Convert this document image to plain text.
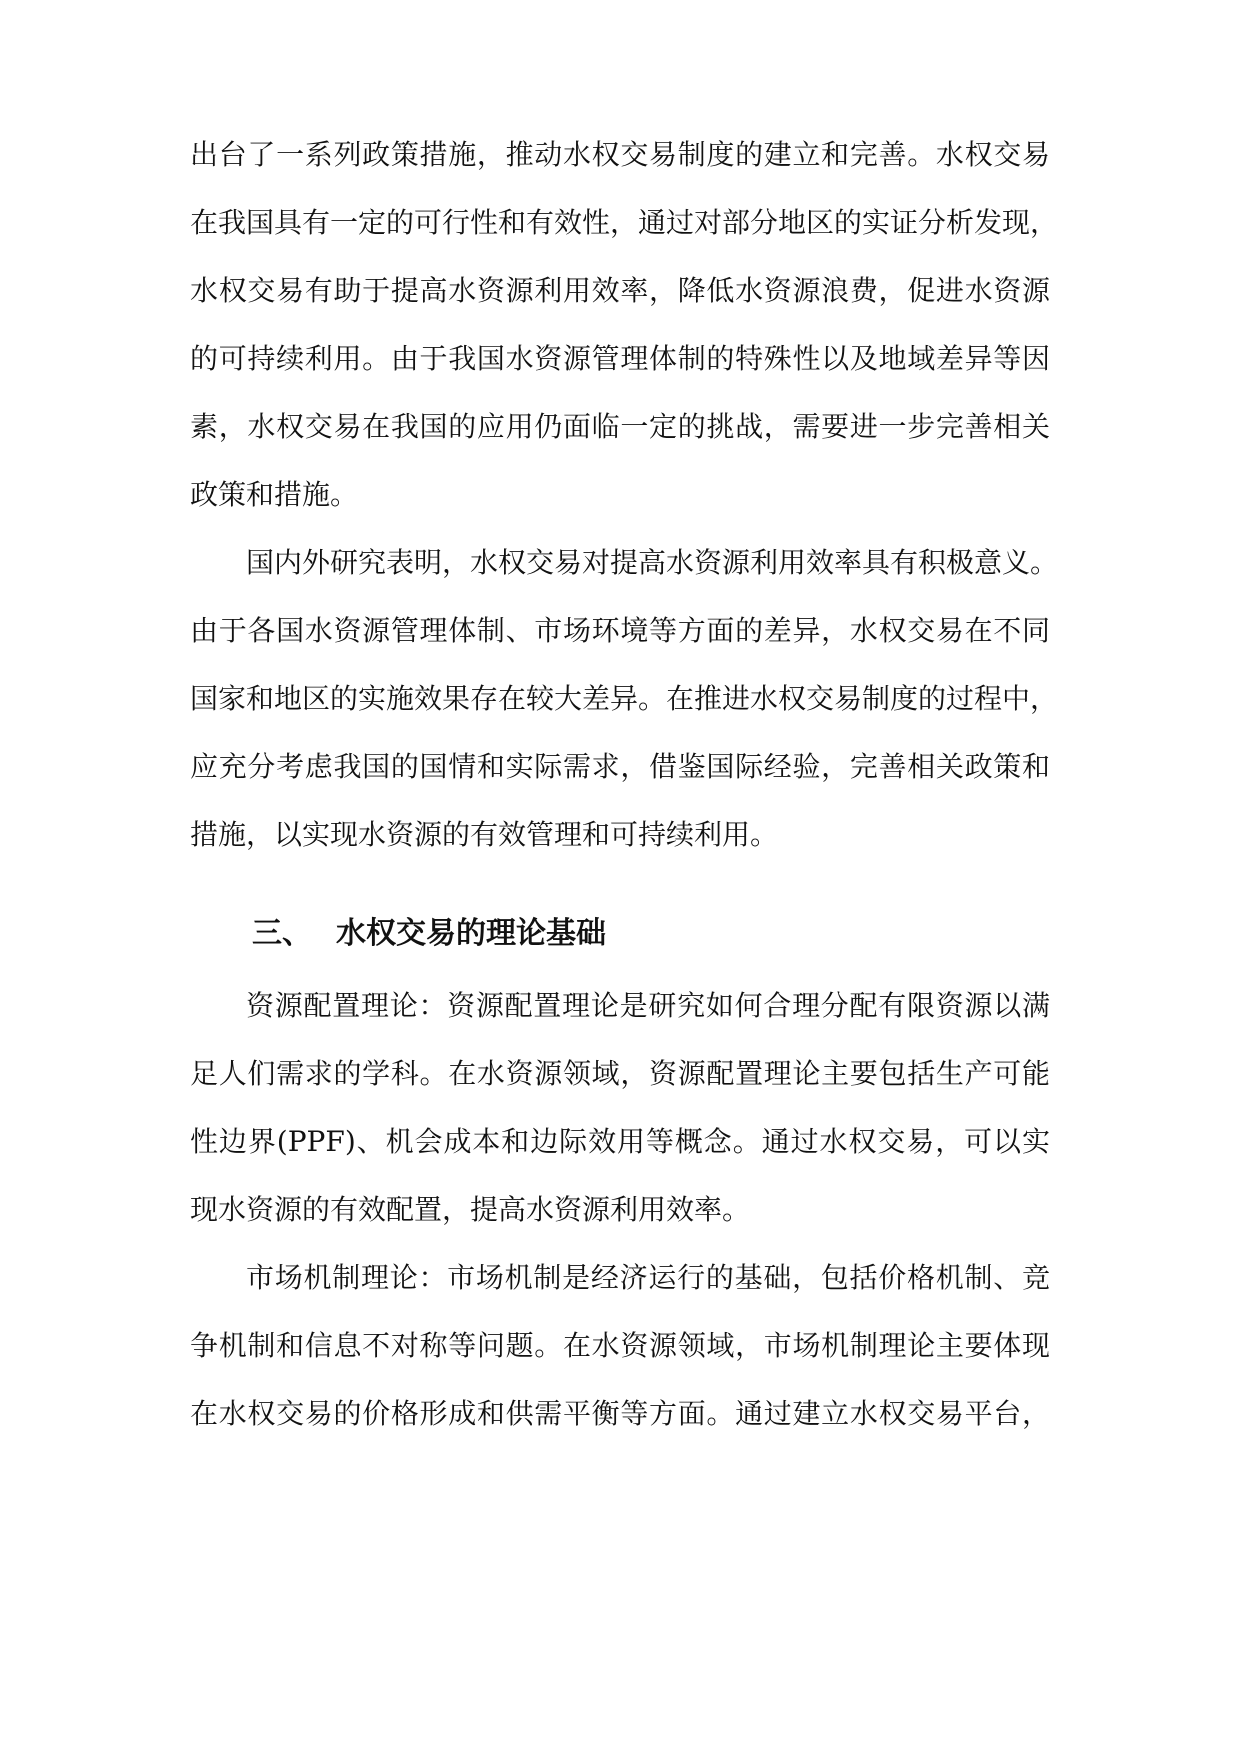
出台了一系列政策措施，推动水权交易制度的建立和完善。水权交易
在我国具有一定的可行性和有效性，通过对部分地区的实证分析发现，
水权交易有助于提高水资源利用效率，降低水资源浪费，促进水资源
的可持续利用。由于我国水资源管理体制的特殊性以及地域差异等因
素，水权交易在我国的应用仍面临一定的挑战，需要进一步完善相关
政策和措施。
国内外研究表明，水权交易对提高水资源利用效率具有积极意义。
由于各国水资源管理体制、市场环境等方面的差异，水权交易在不同
国家和地区的实施效果存在较大差异。在推进水权交易制度的过程中，
应充分考虑我国的国情和实际需求，借鉴国际经验，完善相关政策和
措施，以实现水资源的有效管理和可持续利用。
三、 水权交易的理论基础
资源配置理论：资源配置理论是研究如何合理分配有限资源以满
足人们需求的学科。在水资源领域，资源配置理论主要包括生产可能
性边界(PPF)、机会成本和边际效用等概念。通过水权交易，可以实
现水资源的有效配置，提高水资源利用效率。
市场机制理论：市场机制是经济运行的基础，包括价格机制、竞
争机制和信息不对称等问题。在水资源领域，市场机制理论主要体现
在水权交易的价格形成和供需平衡等方面。通过建立水权交易平台，
